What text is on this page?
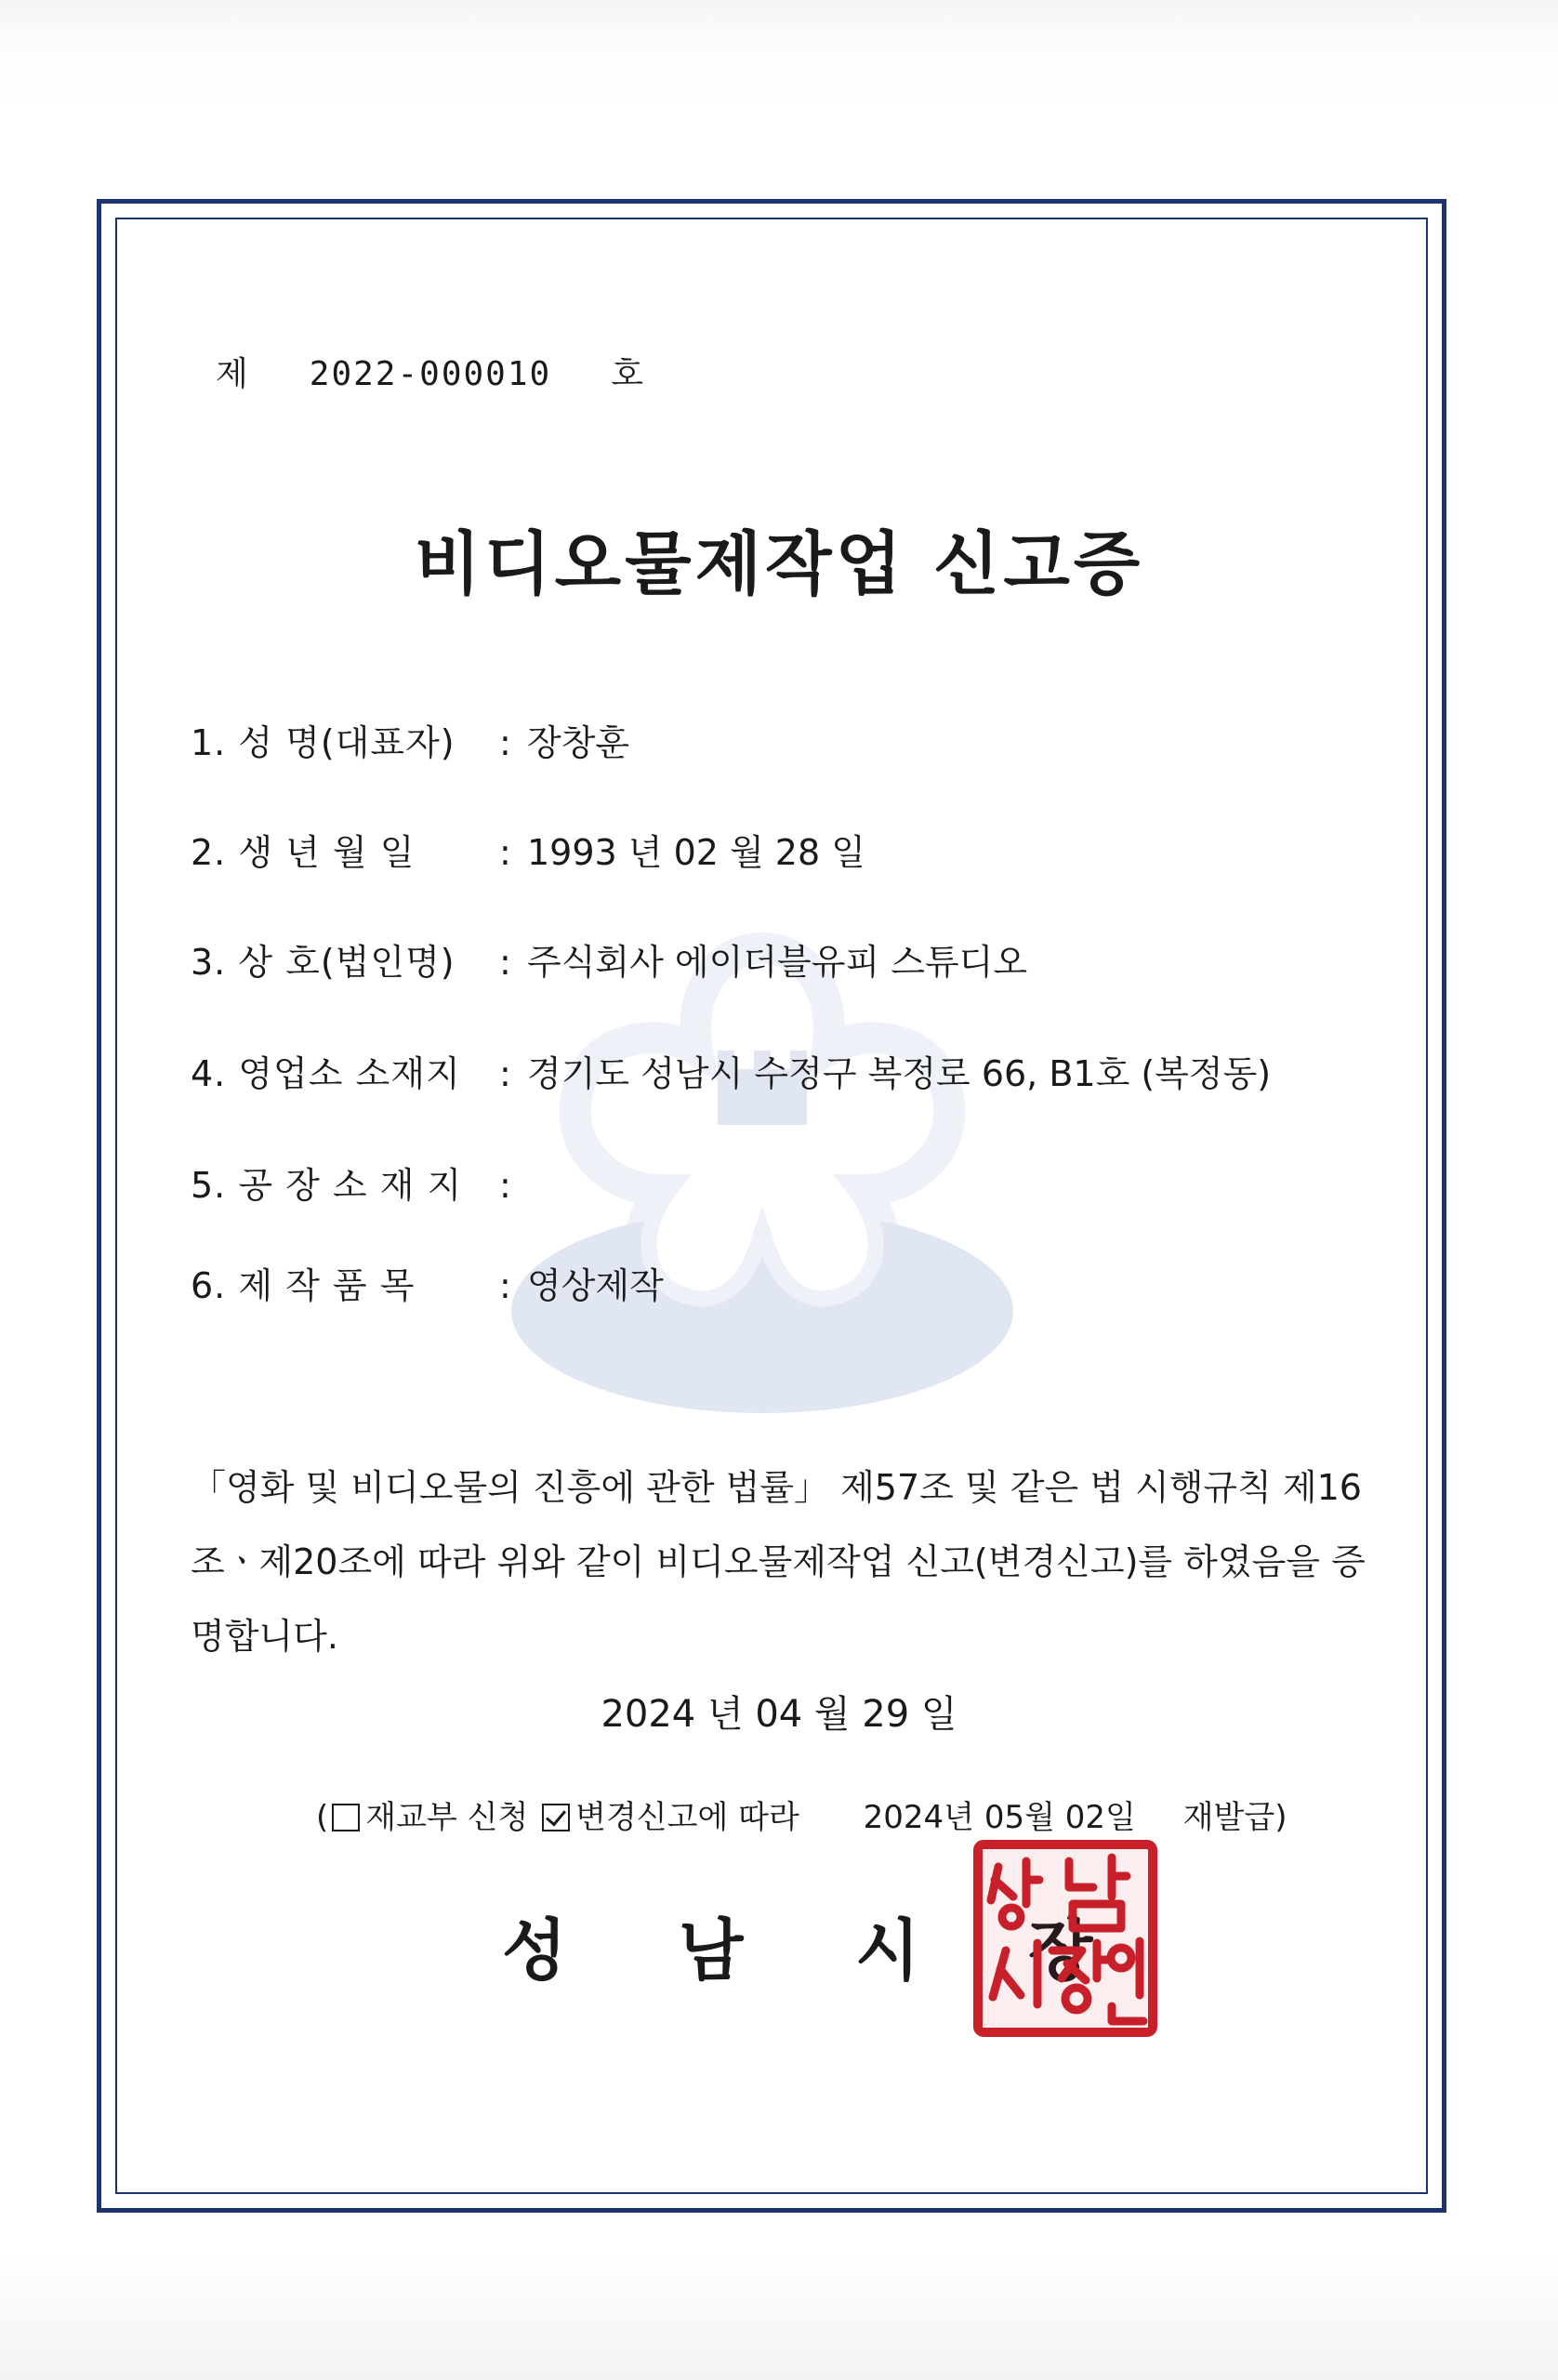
제 2022-000010 호
비디오물제작업 신고증
1. 성 명(대표자) : 장창훈
2. 생 년 월 일 : 1993 년 02 월 28 일
3. 상 호(법인명) : 주식회사 에이더블유피 스튜디오
4. 영업소 소재지 : 경기도 성남시 수정구 복정로 66, B1호 (복정동)
5. 공 장 소 재 지 :
6. 제 작 품 목 : 영상제작
「영화 및 비디오물의 진흥에 관한 법률」 제57조 및 같은 법 시행규칙 제16
조ㆍ제20조에 따라 위와 같이 비디오물제작업 신고(변경신고)를 하였음을 증
명합니다.
2024 년 04 월 29 일
( 재교부 신청 변경신고에 따라 2024년 05월 02일 재발급)
성 남 시 장
